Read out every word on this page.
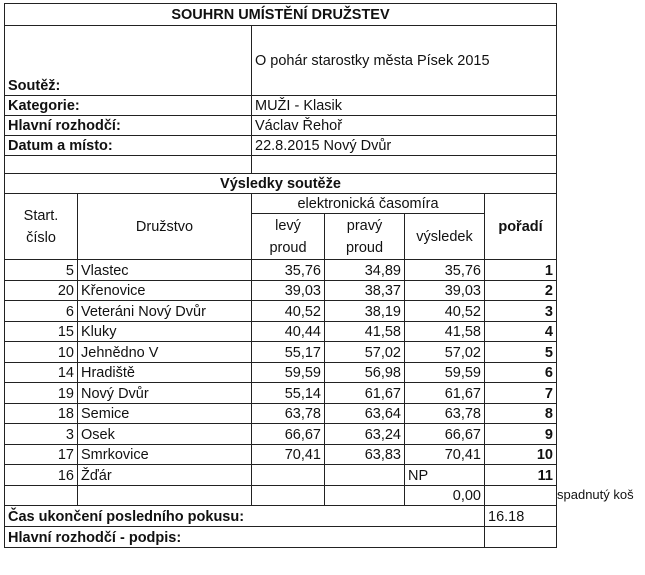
SOUHRN UMÍSTĚNÍ DRUŽSTEV					
Soutěž:		O pohár starostky města Písek 2015			
Kategorie:		MUŽI - Klasik			
Hlavní rozhodčí:		Václav Řehoř			
Datum a místo:		22.8.2015 Nový Dvůr			

Výsledky soutěže					
Start. číslo	Družstvo	elektronická časomíra			pořadí
		levý proud	pravý proud	výsledek	
5	Vlastec	35,76	34,89	35,76	1
20	Křenovice	39,03	38,37	39,03	2
6	Veteráni Nový Dvůr	40,52	38,19	40,52	3
15	Kluky	40,44	41,58	41,58	4
10	Jehnědno V	55,17	57,02	57,02	5
14	Hradiště	59,59	56,98	59,59	6
19	Nový Dvůr	55,14	61,67	61,67	7
18	Semice	63,78	63,64	63,78	8
3	Osek	66,67	63,24	66,67	9
17	Smrkovice	70,41	63,83	70,41	10
16	Žďár			NP	11
				0,00	
Čas ukončení posledního pokusu:					16.18
Hlavní rozhodčí - podpis:					
spadnutý koš
